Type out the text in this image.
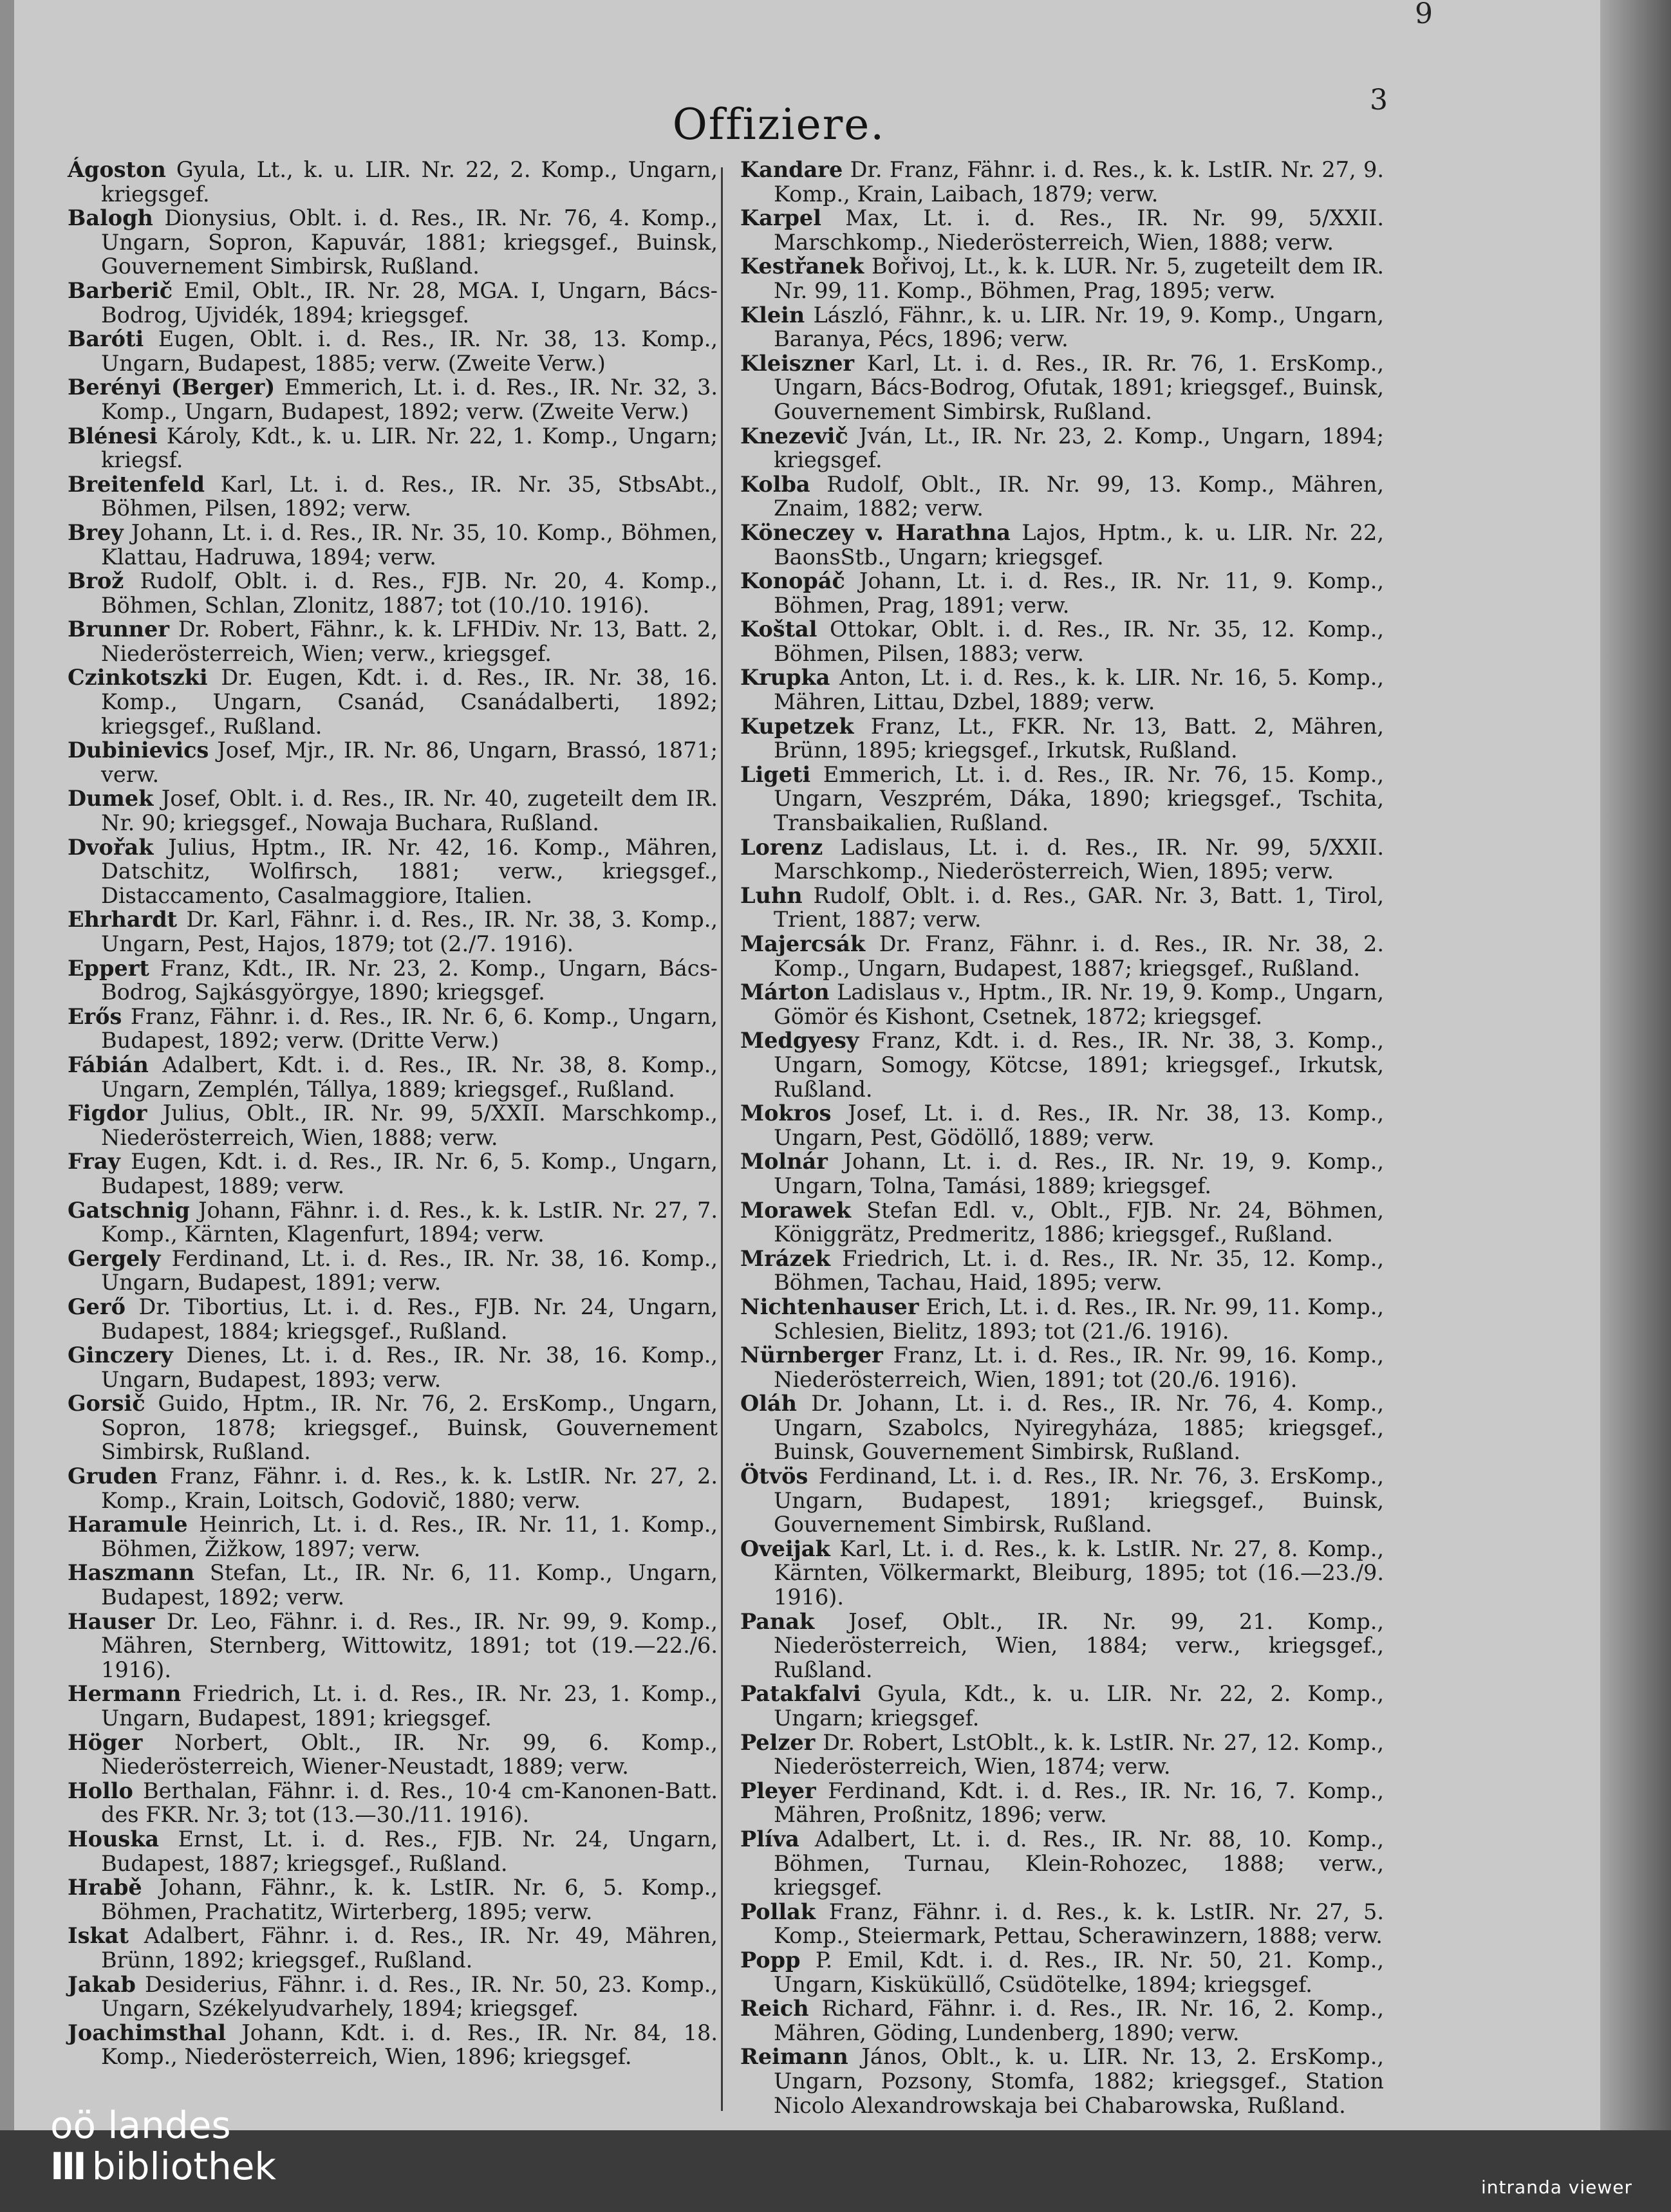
9
3
Offiziere.

Ágoston Gyula, Lt., k. u. LIR. Nr. 22, 2. Komp., Ungarn, kriegsgef.

Balogh Dionysius, Oblt. i. d. Res., IR. Nr. 76, 4. Komp., Ungarn, Sopron, Kapuvár, 1881; kriegsgef., Buinsk, Gouvernement Simbirsk, Rußland.

Barberič Emil, Oblt., IR. Nr. 28, MGA. I, Ungarn, Bács-Bodrog, Ujvidék, 1894; kriegsgef.

Baróti Eugen, Oblt. i. d. Res., IR. Nr. 38, 13. Komp., Ungarn, Budapest, 1885; verw. (Zweite Verw.)

Berényi (Berger) Emmerich, Lt. i. d. Res., IR. Nr. 32, 3. Komp., Ungarn, Budapest, 1892; verw. (Zweite Verw.)

Blénesi Károly, Kdt., k. u. LIR. Nr. 22, 1. Komp., Ungarn; kriegsf.

Breitenfeld Karl, Lt. i. d. Res., IR. Nr. 35, StbsAbt., Böhmen, Pilsen, 1892; verw.

Brey Johann, Lt. i. d. Res., IR. Nr. 35, 10. Komp., Böhmen, Klattau, Hadruwa, 1894; verw.

Brož Rudolf, Oblt. i. d. Res., FJB. Nr. 20, 4. Komp., Böhmen, Schlan, Zlonitz, 1887; tot (10./10. 1916).

Brunner Dr. Robert, Fähnr., k. k. LFHDiv. Nr. 13, Batt. 2, Niederösterreich, Wien; verw., kriegsgef.

Czinkotszki Dr. Eugen, Kdt. i. d. Res., IR. Nr. 38, 16. Komp., Ungarn, Csanád, Csanádalberti, 1892; kriegsgef., Rußland.

Dubinievics Josef, Mjr., IR. Nr. 86, Ungarn, Brassó, 1871; verw.

Dumek Josef, Oblt. i. d. Res., IR. Nr. 40, zugeteilt dem IR. Nr. 90; kriegsgef., Nowaja Buchara, Rußland.

Dvořak Julius, Hptm., IR. Nr. 42, 16. Komp., Mähren, Datschitz, Wolfirsch, 1881; verw., kriegsgef., Distaccamento, Casalmaggiore, Italien.

Ehrhardt Dr. Karl, Fähnr. i. d. Res., IR. Nr. 38, 3. Komp., Ungarn, Pest, Hajos, 1879; tot (2./7. 1916).

Eppert Franz, Kdt., IR. Nr. 23, 2. Komp., Ungarn, Bács-Bodrog, Sajkásgyörgye, 1890; kriegsgef.

Erős Franz, Fähnr. i. d. Res., IR. Nr. 6, 6. Komp., Ungarn, Budapest, 1892; verw. (Dritte Verw.)

Fábián Adalbert, Kdt. i. d. Res., IR. Nr. 38, 8. Komp., Ungarn, Zemplén, Tállya, 1889; kriegsgef., Rußland.

Figdor Julius, Oblt., IR. Nr. 99, 5/XXII. Marschkomp., Niederösterreich, Wien, 1888; verw.

Fray Eugen, Kdt. i. d. Res., IR. Nr. 6, 5. Komp., Ungarn, Budapest, 1889; verw.

Gatschnig Johann, Fähnr. i. d. Res., k. k. LstIR. Nr. 27, 7. Komp., Kärnten, Klagenfurt, 1894; verw.

Gergely Ferdinand, Lt. i. d. Res., IR. Nr. 38, 16. Komp., Ungarn, Budapest, 1891; verw.

Gerő Dr. Tibortius, Lt. i. d. Res., FJB. Nr. 24, Ungarn, Budapest, 1884; kriegsgef., Rußland.

Ginczery Dienes, Lt. i. d. Res., IR. Nr. 38, 16. Komp., Ungarn, Budapest, 1893; verw.

Gorsič Guido, Hptm., IR. Nr. 76, 2. ErsKomp., Ungarn, Sopron, 1878; kriegsgef., Buinsk, Gouvernement Simbirsk, Rußland.

Gruden Franz, Fähnr. i. d. Res., k. k. LstIR. Nr. 27, 2. Komp., Krain, Loitsch, Godovič, 1880; verw.

Haramule Heinrich, Lt. i. d. Res., IR. Nr. 11, 1. Komp., Böhmen, Žižkow, 1897; verw.

Haszmann Stefan, Lt., IR. Nr. 6, 11. Komp., Ungarn, Budapest, 1892; verw.

Hauser Dr. Leo, Fähnr. i. d. Res., IR. Nr. 99, 9. Komp., Mähren, Sternberg, Wittowitz, 1891; tot (19.—22./6. 1916).

Hermann Friedrich, Lt. i. d. Res., IR. Nr. 23, 1. Komp., Ungarn, Budapest, 1891; kriegsgef.

Höger Norbert, Oblt., IR. Nr. 99, 6. Komp., Niederösterreich, Wiener-Neustadt, 1889; verw.

Hollo Berthalan, Fähnr. i. d. Res., 10·4 cm-Kanonen-Batt. des FKR. Nr. 3; tot (13.—30./11. 1916).

Houska Ernst, Lt. i. d. Res., FJB. Nr. 24, Ungarn, Budapest, 1887; kriegsgef., Rußland.

Hrabě Johann, Fähnr., k. k. LstIR. Nr. 6, 5. Komp., Böhmen, Prachatitz, Wirterberg, 1895; verw.

Iskat Adalbert, Fähnr. i. d. Res., IR. Nr. 49, Mähren, Brünn, 1892; kriegsgef., Rußland.

Jakab Desiderius, Fähnr. i. d. Res., IR. Nr. 50, 23. Komp., Ungarn, Székelyudvarhely, 1894; kriegsgef.

Joachimsthal Johann, Kdt. i. d. Res., IR. Nr. 84, 18. Komp., Niederösterreich, Wien, 1896; kriegsgef.

Kandare Dr. Franz, Fähnr. i. d. Res., k. k. LstIR. Nr. 27, 9. Komp., Krain, Laibach, 1879; verw.

Karpel Max, Lt. i. d. Res., IR. Nr. 99, 5/XXII. Marschkomp., Niederösterreich, Wien, 1888; verw.

Kestřanek Bořivoj, Lt., k. k. LUR. Nr. 5, zugeteilt dem IR. Nr. 99, 11. Komp., Böhmen, Prag, 1895; verw.

Klein László, Fähnr., k. u. LIR. Nr. 19, 9. Komp., Ungarn, Baranya, Pécs, 1896; verw.

Kleiszner Karl, Lt. i. d. Res., IR. Rr. 76, 1. ErsKomp., Ungarn, Bács-Bodrog, Ofutak, 1891; kriegsgef., Buinsk, Gouvernement Simbirsk, Rußland.

Knezevič Jván, Lt., IR. Nr. 23, 2. Komp., Ungarn, 1894; kriegsgef.

Kolba Rudolf, Oblt., IR. Nr. 99, 13. Komp., Mähren, Znaim, 1882; verw.

Köneczey v. Harathna Lajos, Hptm., k. u. LIR. Nr. 22, BaonsStb., Ungarn; kriegsgef.

Konopáč Johann, Lt. i. d. Res., IR. Nr. 11, 9. Komp., Böhmen, Prag, 1891; verw.

Koštal Ottokar, Oblt. i. d. Res., IR. Nr. 35, 12. Komp., Böhmen, Pilsen, 1883; verw.

Krupka Anton, Lt. i. d. Res., k. k. LIR. Nr. 16, 5. Komp., Mähren, Littau, Dzbel, 1889; verw.

Kupetzek Franz, Lt., FKR. Nr. 13, Batt. 2, Mähren, Brünn, 1895; kriegsgef., Irkutsk, Rußland.

Ligeti Emmerich, Lt. i. d. Res., IR. Nr. 76, 15. Komp., Ungarn, Veszprém, Dáka, 1890; kriegsgef., Tschita, Transbaikalien, Rußland.

Lorenz Ladislaus, Lt. i. d. Res., IR. Nr. 99, 5/XXII. Marschkomp., Niederösterreich, Wien, 1895; verw.

Luhn Rudolf, Oblt. i. d. Res., GAR. Nr. 3, Batt. 1, Tirol, Trient, 1887; verw.

Majercsák Dr. Franz, Fähnr. i. d. Res., IR. Nr. 38, 2. Komp., Ungarn, Budapest, 1887; kriegsgef., Rußland.

Márton Ladislaus v., Hptm., IR. Nr. 19, 9. Komp., Ungarn, Gömör és Kishont, Csetnek, 1872; kriegsgef.

Medgyesy Franz, Kdt. i. d. Res., IR. Nr. 38, 3. Komp., Ungarn, Somogy, Kötcse, 1891; kriegsgef., Irkutsk, Rußland.

Mokros Josef, Lt. i. d. Res., IR. Nr. 38, 13. Komp., Ungarn, Pest, Gödöllő, 1889; verw.

Molnár Johann, Lt. i. d. Res., IR. Nr. 19, 9. Komp., Ungarn, Tolna, Tamási, 1889; kriegsgef.

Morawek Stefan Edl. v., Oblt., FJB. Nr. 24, Böhmen, Königgrätz, Predmeritz, 1886; kriegsgef., Rußland.

Mrázek Friedrich, Lt. i. d. Res., IR. Nr. 35, 12. Komp., Böhmen, Tachau, Haid, 1895; verw.

Nichtenhauser Erich, Lt. i. d. Res., IR. Nr. 99, 11. Komp., Schlesien, Bielitz, 1893; tot (21./6. 1916).

Nürnberger Franz, Lt. i. d. Res., IR. Nr. 99, 16. Komp., Niederösterreich, Wien, 1891; tot (20./6. 1916).

Oláh Dr. Johann, Lt. i. d. Res., IR. Nr. 76, 4. Komp., Ungarn, Szabolcs, Nyiregyháza, 1885; kriegsgef., Buinsk, Gouvernement Simbirsk, Rußland.

Ötvös Ferdinand, Lt. i. d. Res., IR. Nr. 76, 3. ErsKomp., Ungarn, Budapest, 1891; kriegsgef., Buinsk, Gouvernement Simbirsk, Rußland.

Oveijak Karl, Lt. i. d. Res., k. k. LstIR. Nr. 27, 8. Komp., Kärnten, Völkermarkt, Bleiburg, 1895; tot (16.—23./9. 1916).

Panak Josef, Oblt., IR. Nr. 99, 21. Komp., Niederösterreich, Wien, 1884; verw., kriegsgef., Rußland.

Patakfalvi Gyula, Kdt., k. u. LIR. Nr. 22, 2. Komp., Ungarn; kriegsgef.

Pelzer Dr. Robert, LstOblt., k. k. LstIR. Nr. 27, 12. Komp., Niederösterreich, Wien, 1874; verw.

Pleyer Ferdinand, Kdt. i. d. Res., IR. Nr. 16, 7. Komp., Mähren, Proßnitz, 1896; verw.

Plíva Adalbert, Lt. i. d. Res., IR. Nr. 88, 10. Komp., Böhmen, Turnau, Klein-Rohozec, 1888; verw., kriegsgef.

Pollak Franz, Fähnr. i. d. Res., k. k. LstIR. Nr. 27, 5. Komp., Steiermark, Pettau, Scherawinzern, 1888; verw.

Popp P. Emil, Kdt. i. d. Res., IR. Nr. 50, 21. Komp., Ungarn, Kisküküllő, Csüdötelke, 1894; kriegsgef.

Reich Richard, Fähnr. i. d. Res., IR. Nr. 16, 2. Komp., Mähren, Göding, Lundenberg, 1890; verw.

Reimann János, Oblt., k. u. LIR. Nr. 13, 2. ErsKomp., Ungarn, Pozsony, Stomfa, 1882; kriegsgef., Station Nicolo Alexandrowskaja bei Chabarowska, Rußland.

oö landes
III bibliothek	intranda viewer
